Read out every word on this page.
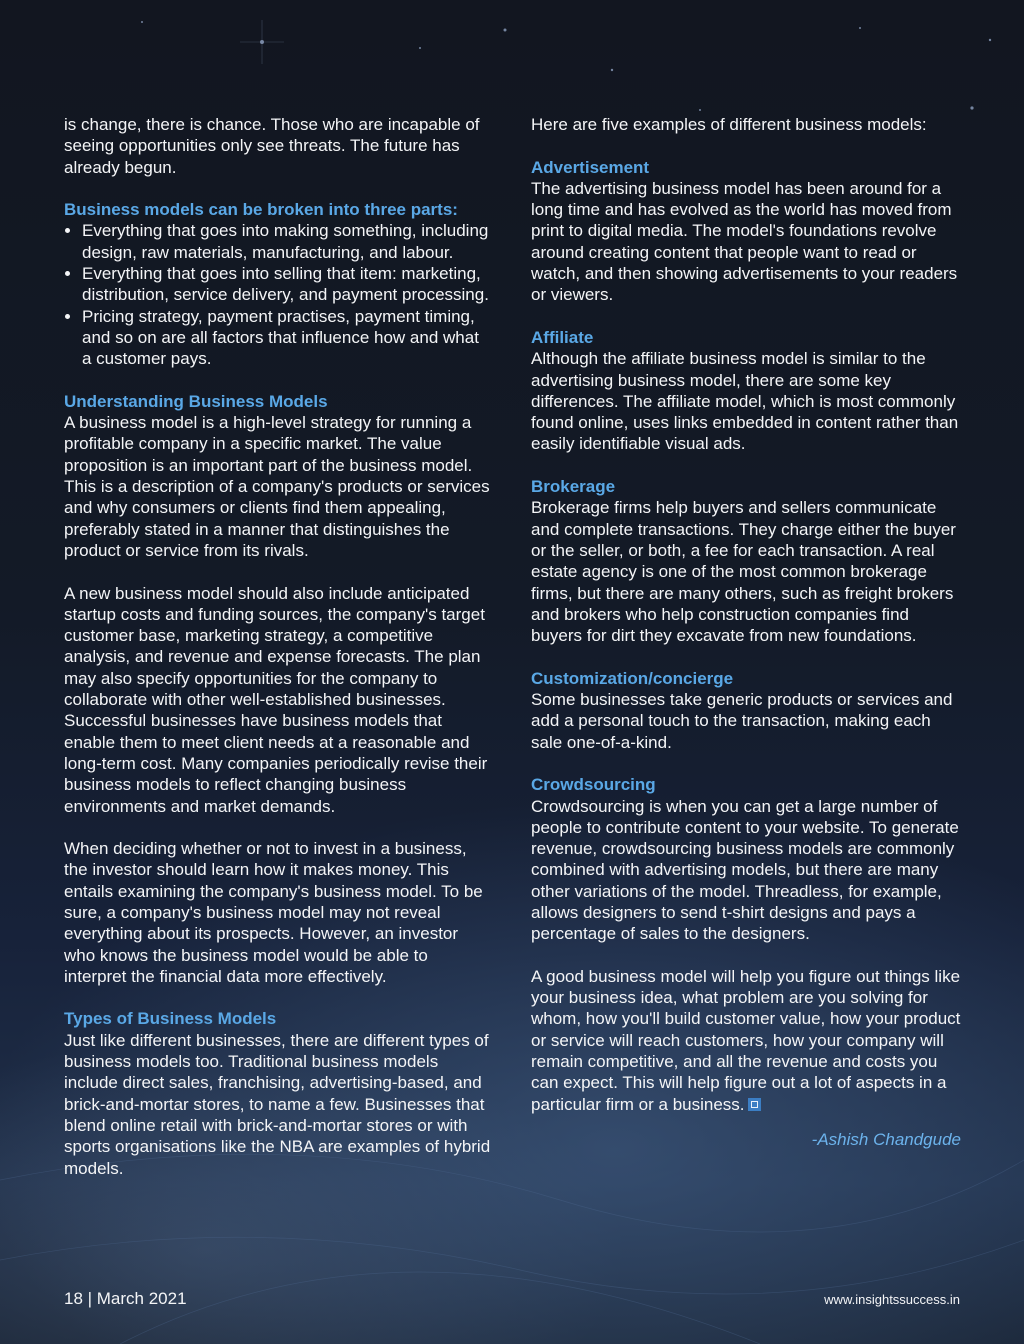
is change, there is chance. Those who are incapable of seeing opportunities only see threats. The future has already begun.

Business models can be broken into three parts:
• Everything that goes into making something, including design, raw materials, manufacturing, and labour.
• Everything that goes into selling that item: marketing, distribution, service delivery, and payment processing.
• Pricing strategy, payment practises, payment timing, and so on are all factors that influence how and what a customer pays.
Understanding Business Models

A business model is a high-level strategy for running a profitable company in a specific market. The value proposition is an important part of the business model. This is a description of a company's products or services and why consumers or clients find them appealing, preferably stated in a manner that distinguishes the product or service from its rivals.

A new business model should also include anticipated startup costs and funding sources, the company's target customer base, marketing strategy, a competitive analysis, and revenue and expense forecasts. The plan may also specify opportunities for the company to collaborate with other well-established businesses. Successful businesses have business models that enable them to meet client needs at a reasonable and long-term cost. Many companies periodically revise their business models to reflect changing business environments and market demands.

When deciding whether or not to invest in a business, the investor should learn how it makes money. This entails examining the company's business model. To be sure, a company's business model may not reveal everything about its prospects. However, an investor who knows the business model would be able to interpret the financial data more effectively.

Types of Business Models

Just like different businesses, there are different types of business models too. Traditional business models include direct sales, franchising, advertising-based, and brick-and-mortar stores, to name a few. Businesses that blend online retail with brick-and-mortar stores or with sports organisations like the NBA are examples of hybrid models.

Here are five examples of different business models:

Advertisement

The advertising business model has been around for a long time and has evolved as the world has moved from print to digital media. The model's foundations revolve around creating content that people want to read or watch, and then showing advertisements to your readers or viewers.

Affiliate

Although the affiliate business model is similar to the advertising business model, there are some key differences. The affiliate model, which is most commonly found online, uses links embedded in content rather than easily identifiable visual ads.

Brokerage

Brokerage firms help buyers and sellers communicate and complete transactions. They charge either the buyer or the seller, or both, a fee for each transaction. A real estate agency is one of the most common brokerage firms, but there are many others, such as freight brokers and brokers who help construction companies find buyers for dirt they excavate from new foundations.

Customization/concierge

Some businesses take generic products or services and add a personal touch to the transaction, making each sale one-of-a-kind.

Crowdsourcing

Crowdsourcing is when you can get a large number of people to contribute content to your website. To generate revenue, crowdsourcing business models are commonly combined with advertising models, but there are many other variations of the model. Threadless, for example, allows designers to send t-shirt designs and pays a percentage of sales to the designers.

A good business model will help you figure out things like your business idea, what problem are you solving for whom, how you'll build customer value, how your product or service will reach customers, how your company will remain competitive, and all the revenue and costs you can expect. This will help figure out a lot of aspects in a particular firm or a business.

-Ashish Chandgude
18 | March 2021	www.insightssuccess.in
